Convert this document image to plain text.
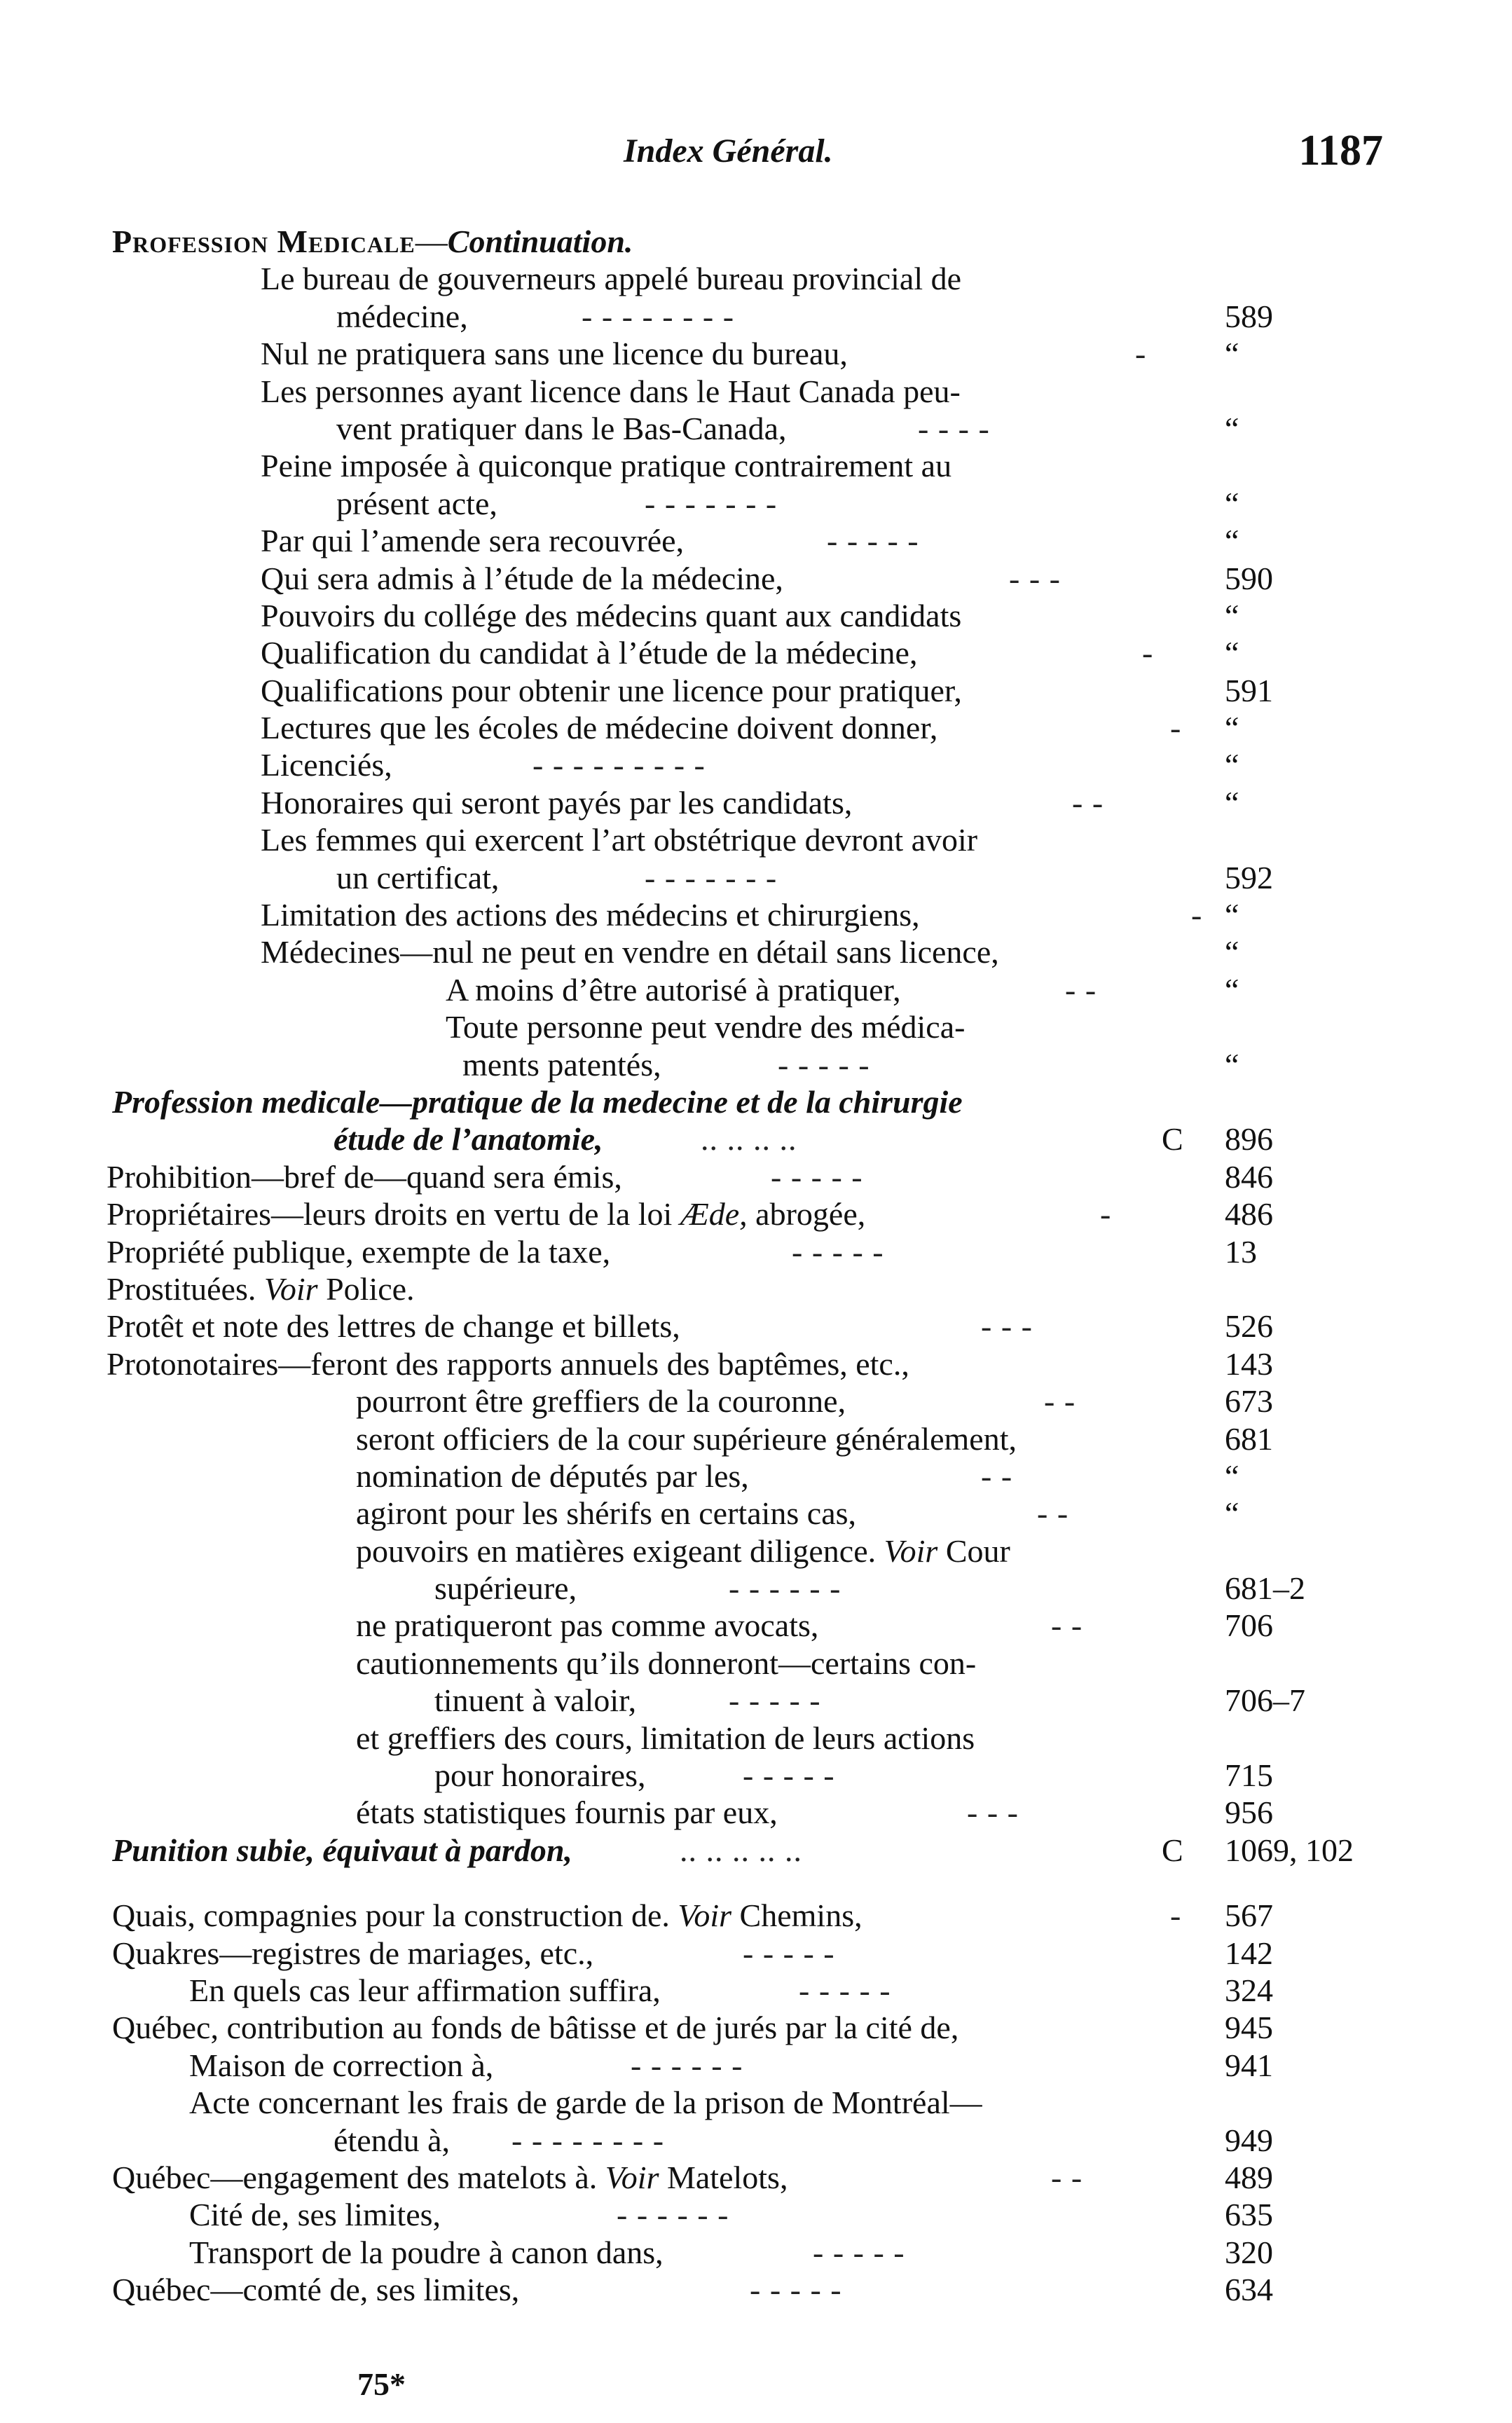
Index Général.	1187
Profession Medicale—Continuation.
Le bureau de gouverneurs appelé bureau provincial de
médecine,	- - - - - - - -	589
Nul ne pratiquera sans une licence du bureau,	- “
Les personnes ayant licence dans le Haut Canada peu-
vent pratiquer dans le Bas-Canada,	- - - -	“
Peine imposée à quiconque pratique contrairement au
présent acte,	- - - - - - -	“
Par qui l’amende sera recouvrée,	- - - - -	“
Qui sera admis à l’étude de la médecine,	- - -	590
Pouvoirs du collége des médecins quant aux candidats	“
Qualification du candidat à l’étude de la médecine,	- “
Qualifications pour obtenir une licence pour pratiquer,	591
Lectures que les écoles de médecine doivent donner,	- “
Licenciés,	- - - - - - - - -	“
Honoraires qui seront payés par les candidats,	- -	“
Les femmes qui exercent l’art obstétrique devront avoir
un certificat,	- - - - - - -	592
Limitation des actions des médecins et chirurgiens,	- “
Médecines—nul ne peut en vendre en détail sans licence,	“
A moins d’être autorisé à pratiquer,	- -	“
Toute personne peut vendre des médica-
ments patentés,	- - - - -	“
Profession medicale—pratique de la medecine et de la chirurgie
étude de l’anatomie,	.. .. .. ..	C 896
Prohibition—bref de—quand sera émis,	- - - - -	846
Propriétaires—leurs droits en vertu de la loi Æde, abrogée,	-	486
Propriété publique, exempte de la taxe,	- - - - -	13
Prostituées. Voir Police.
Protêt et note des lettres de change et billets,	- - -	526
Protonotaires—feront des rapports annuels des baptêmes, etc.,	143
pourront être greffiers de la couronne,	- -	673
seront officiers de la cour supérieure généralement,	681
nomination de députés par les,	- -	“
agiront pour les shérifs en certains cas,	- -	“
pouvoirs en matières exigeant diligence. Voir Cour
supérieure,	- - - - - -	681–2
ne pratiqueront pas comme avocats,	- -	706
cautionnements qu’ils donneront—certains con-
tinuent à valoir,	- - - - -	706–7
et greffiers des cours, limitation de leurs actions
pour honoraires,	- - - - -	715
états statistiques fournis par eux,	- - -	956
Punition subie, équivaut à pardon,	.. .. .. .. ..	C 1069, 102
Quais, compagnies pour la construction de. Voir Chemins,	- 567
Quakres—registres de mariages, etc.,	- - - - -	142
En quels cas leur affirmation suffira,	- - - - -	324
Québec, contribution au fonds de bâtisse et de jurés par la cité de,	945
Maison de correction à,	- - - - - -	941
Acte concernant les frais de garde de la prison de Montréal—
étendu à, - - - - - - - -	949
Québec—engagement des matelots à. Voir Matelots,	- -	489
Cité de, ses limites,	- - - - - -	635
Transport de la poudre à canon dans,	- - - - -	320
Québec—comté de, ses limites,	- - - - -	634
75*
